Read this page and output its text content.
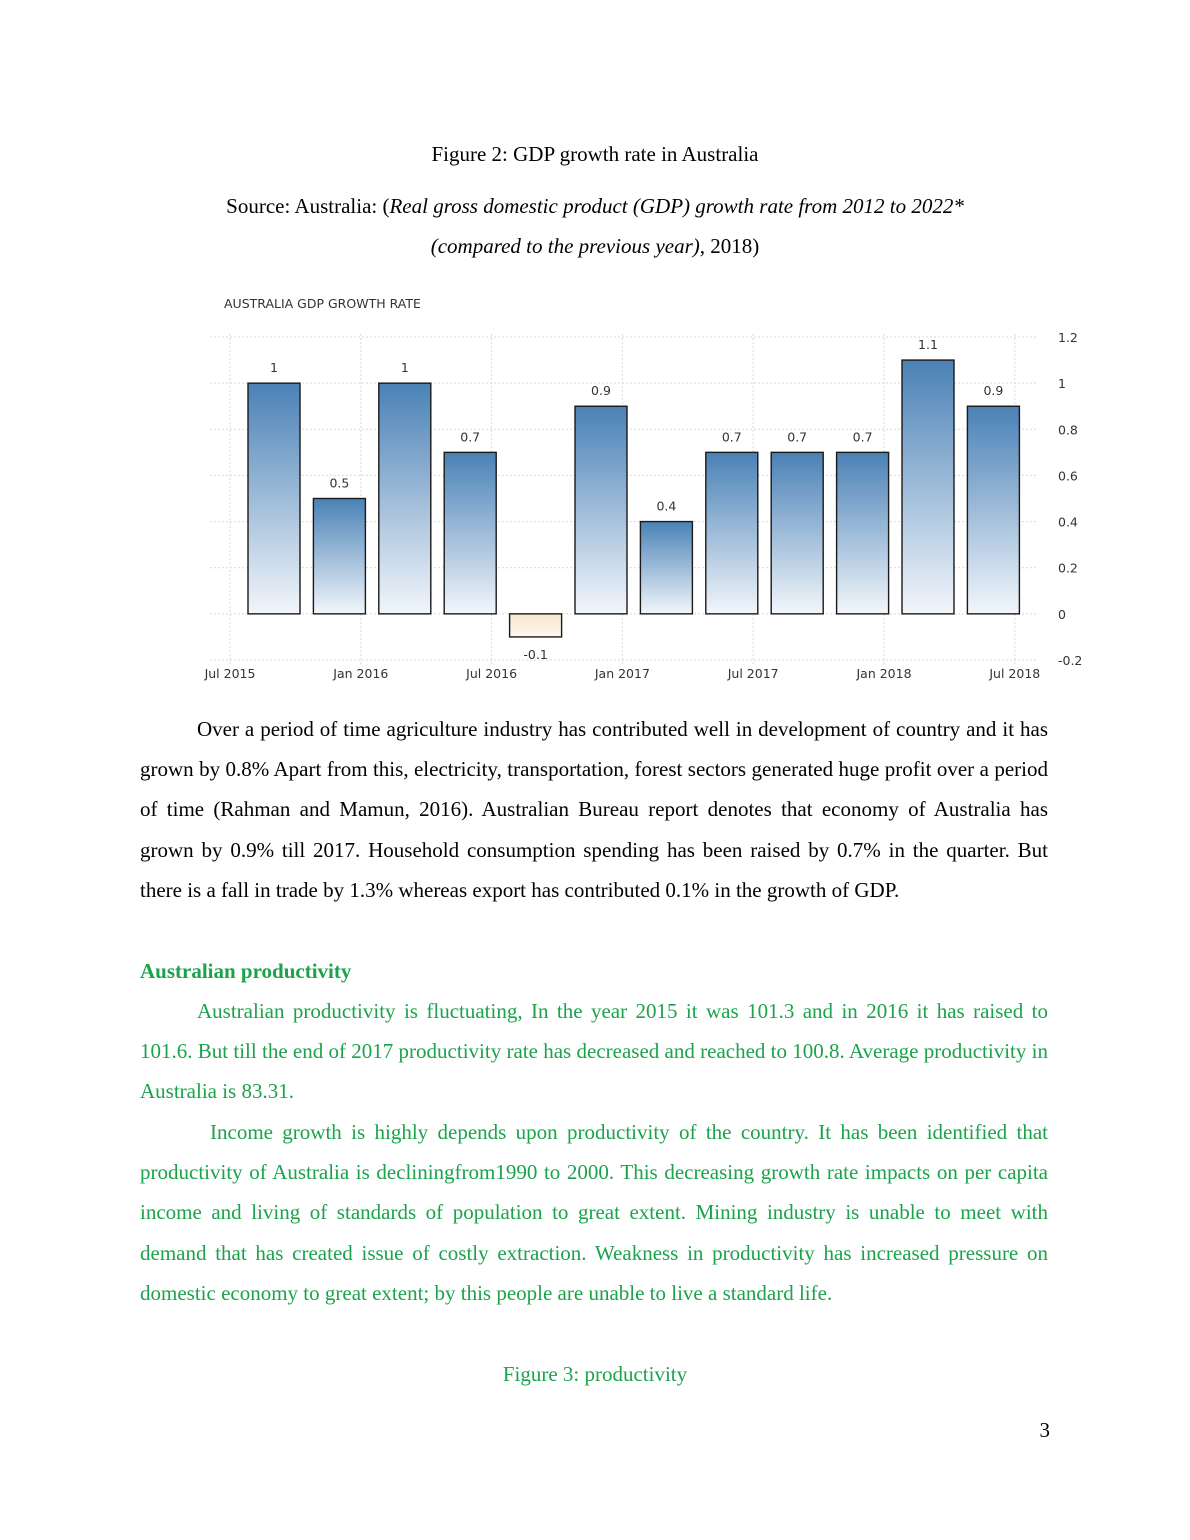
Figure 2: GDP growth rate in Australia
Source: Australia: (Real gross domestic product (GDP) growth rate from 2012 to 2022*
(compared to the previous year), 2018)
AUSTRALIA GDP GROWTH RATE
1
0.5
1
0.7
-0.1
0.9
0.4
0.7	0.7	0.7
1.1
0.9
1.2
1
0.8
0.6
0.4
0.2
0
-0.2
Jul 2015	Jan 2016	Jul 2016	Jan 2017	Jul 2017	Jan 2018	Jul 2018

Over a period of time agriculture industry has contributed well in development of country and it has grown by 0.8% Apart from this, electricity, transportation, forest sectors generated huge profit over a period of time (Rahman and Mamun, 2016). Australian Bureau report denotes that economy of Australia has grown by 0.9% till 2017. Household consumption spending has been raised by 0.7% in the quarter. But there is a fall in trade by 1.3% whereas export has contributed 0.1% in the growth of GDP.

Australian productivity

Australian productivity is fluctuating, In the year 2015 it was 101.3 and in 2016 it has raised to 101.6. But till the end of 2017 productivity rate has decreased and reached to 100.8. Average productivity in Australia is 83.31.

Income growth is highly depends upon productivity of the country. It has been identified that productivity of Australia is decliningfrom1990 to 2000. This decreasing growth rate impacts on per capita income and living of standards of population to great extent. Mining industry is unable to meet with demand that has created issue of costly extraction. Weakness in productivity has increased pressure on domestic economy to great extent; by this people are unable to live a standard life.

Figure 3: productivity
3
